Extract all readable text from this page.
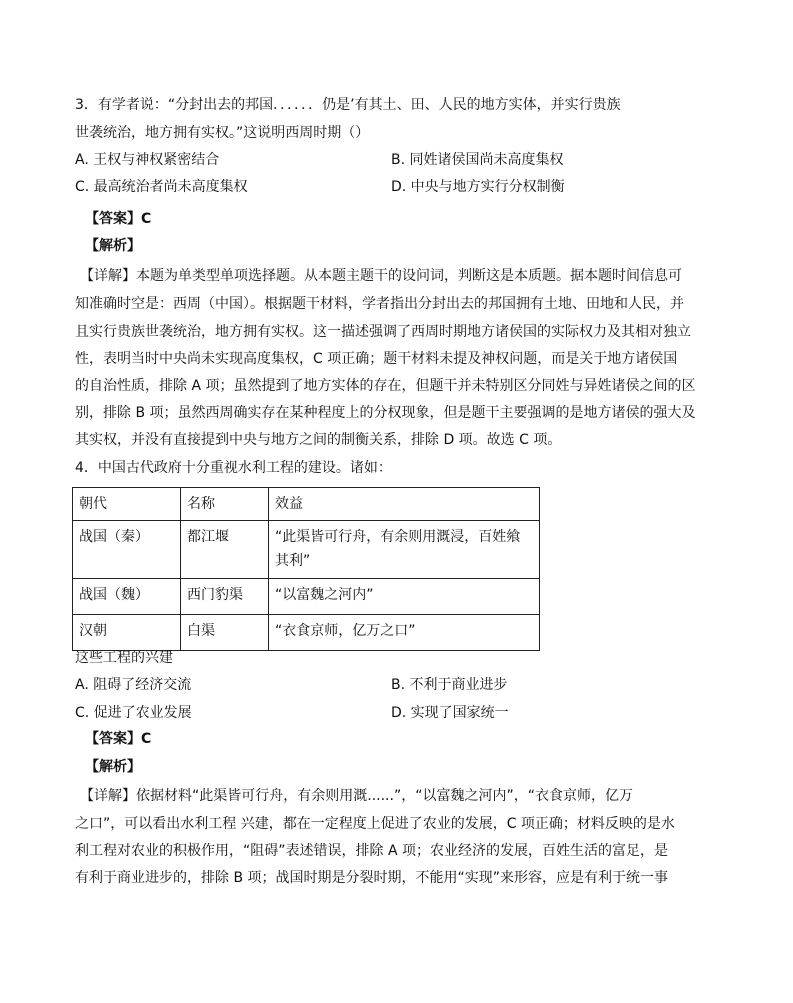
3．有学者说：“分封出去的邦国．．．．．．仍是’有其土、田、人民的地方实体，并实行贵族
世袭统治，地方拥有实权。”这说明西周时期（）
A. 王权与神权紧密结合	B. 同姓诸侯国尚未高度集权
C. 最高统治者尚未高度集权	D. 中央与地方实行分权制衡
【答案】C
【解析】
【详解】本题为单类型单项选择题。从本题主题干的设问词，判断这是本质题。据本题时间信息可
知准确时空是：西周（中国）。根据题干材料，学者指出分封出去的邦国拥有土地、田地和人民，并
且实行贵族世袭统治，地方拥有实权。这一描述强调了西周时期地方诸侯国的实际权力及其相对独立
性，表明当时中央尚未实现高度集权，C 项正确；题干材料未提及神权问题，而是关于地方诸侯国
的自治性质，排除 A 项；虽然提到了地方实体的存在，但题干并未特别区分同姓与异姓诸侯之间的区
别，排除 B 项；虽然西周确实存在某种程度上的分权现象，但是题干主要强调的是地方诸侯的强大及
其实权，并没有直接提到中央与地方之间的制衡关系，排除 D 项。故选 C 项。
4．中国古代政府十分重视水利工程的建设。诸如：
朝代	名称	效益
战国（秦）	都江堰	“此渠皆可行舟，有余则用溉浸，百姓飨其利”
战国（魏）	西门豹渠	“以富魏之河内”
汉朝	白渠	“衣食京师，亿万之口”
这些工程的兴建
A. 阻碍了经济交流	B. 不利于商业进步
C. 促进了农业发展	D. 实现了国家统一
【答案】C
【解析】
【详解】依据材料“此渠皆可行舟，有余则用溉......”，“以富魏之河内”，“衣食京师，亿万
之口”，可以看出水利工程 兴建，都在一定程度上促进了农业的发展，C 项正确；材料反映的是水
利工程对农业的积极作用，“阻碍”表述错误，排除 A 项；农业经济的发展，百姓生活的富足，是
有利于商业进步的，排除 B 项；战国时期是分裂时期，不能用“实现”来形容，应是有利于统一事
